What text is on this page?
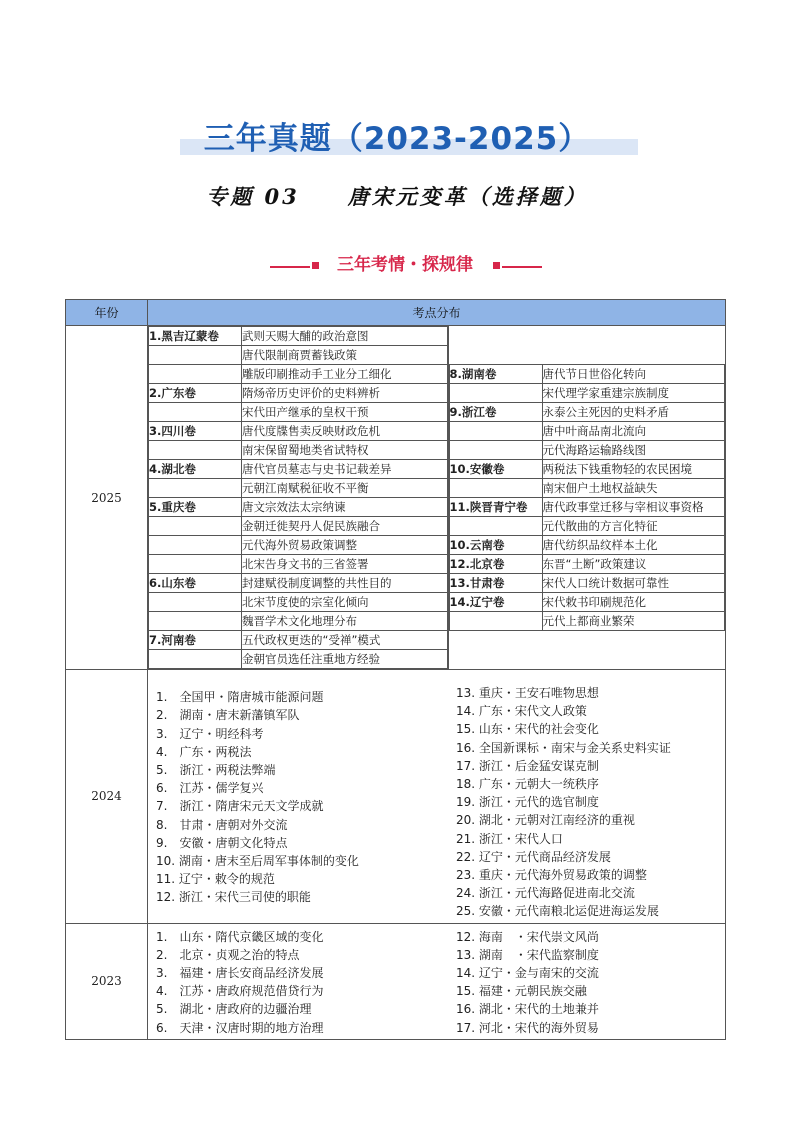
三年真题（2023-2025）
专题 03　　唐宋元变革（选择题）
三年考情・探规律
年份	考点分布
2025	
1.黑吉辽蒙卷	武则天赐大酺的政治意图
	唐代限制商贾蓄钱政策
	雕版印刷推动手工业分工细化
2.广东卷	隋炀帝历史评价的史料辨析
	宋代田产继承的皇权干预
3.四川卷	唐代度牒售卖反映财政危机
	南宋保留蜀地类省试特权
4.湖北卷	唐代官员墓志与史书记载差异
	元朝江南赋税征收不平衡
5.重庆卷	唐文宗效法太宗纳谏
	金朝迁徙契丹人促民族融合
	元代海外贸易政策调整
	北宋告身文书的三省签署
6.山东卷	封建赋役制度调整的共性目的
	北宋节度使的宗室化倾向
	魏晋学术文化地理分布
7.河南卷	五代政权更迭的“受禅”模式
	金朝官员选任注重地方经验

8.湖南卷	唐代节日世俗化转向
	宋代理学家重建宗族制度
9.浙江卷	永泰公主死因的史料矛盾
	唐中叶商品南北流向
	元代海路运输路线图
10.安徽卷	两税法下钱重物轻的农民困境
	南宋佃户土地权益缺失
11.陕晋青宁卷	唐代政事堂迁移与宰相议事资格
	元代散曲的方言化特征
10.云南卷	唐代纺织品纹样本土化
12.北京卷	东晋“土断”政策建议
13.甘肃卷	宋代人口统计数据可靠性
14.辽宁卷	宋代敕书印刷规范化
	元代上都商业繁荣

2024	
1.　全国甲・隋唐城市能源问题
2.　湖南・唐末新藩镇军队
3.　辽宁・明经科考
4.　广东・两税法
5.　浙江・两税法弊端
6.　江苏・儒学复兴
7.　浙江・隋唐宋元天文学成就
8.　甘肃・唐朝对外交流
9.　安徽・唐朝文化特点
10. 湖南・唐末至后周军事体制的变化
11. 辽宁・敕令的规范
12. 浙江・宋代三司使的职能

13. 重庆・王安石唯物思想
14. 广东・宋代文人政策
15. 山东・宋代的社会变化
16. 全国新课标・南宋与金关系史料实证
17. 浙江・后金猛安谋克制
18. 广东・元朝大一统秩序
19. 浙江・元代的选官制度
20. 湖北・元朝对江南经济的重视
21. 浙江・宋代人口
22. 辽宁・元代商品经济发展
23. 重庆・元代海外贸易政策的调整
24. 浙江・元代海路促进南北交流
25. 安徽・元代南粮北运促进海运发展

2023	
1.　山东・隋代京畿区域的变化
2.　北京・贞观之治的特点
3.　福建・唐长安商品经济发展
4.　江苏・唐政府规范借贷行为
5.　湖北・唐政府的边疆治理
6.　天津・汉唐时期的地方治理

12. 海南　・宋代崇文风尚
13. 湖南　・宋代监察制度
14. 辽宁・金与南宋的交流
15. 福建・元朝民族交融
16. 湖北・宋代的土地兼并
17. 河北・宋代的海外贸易
